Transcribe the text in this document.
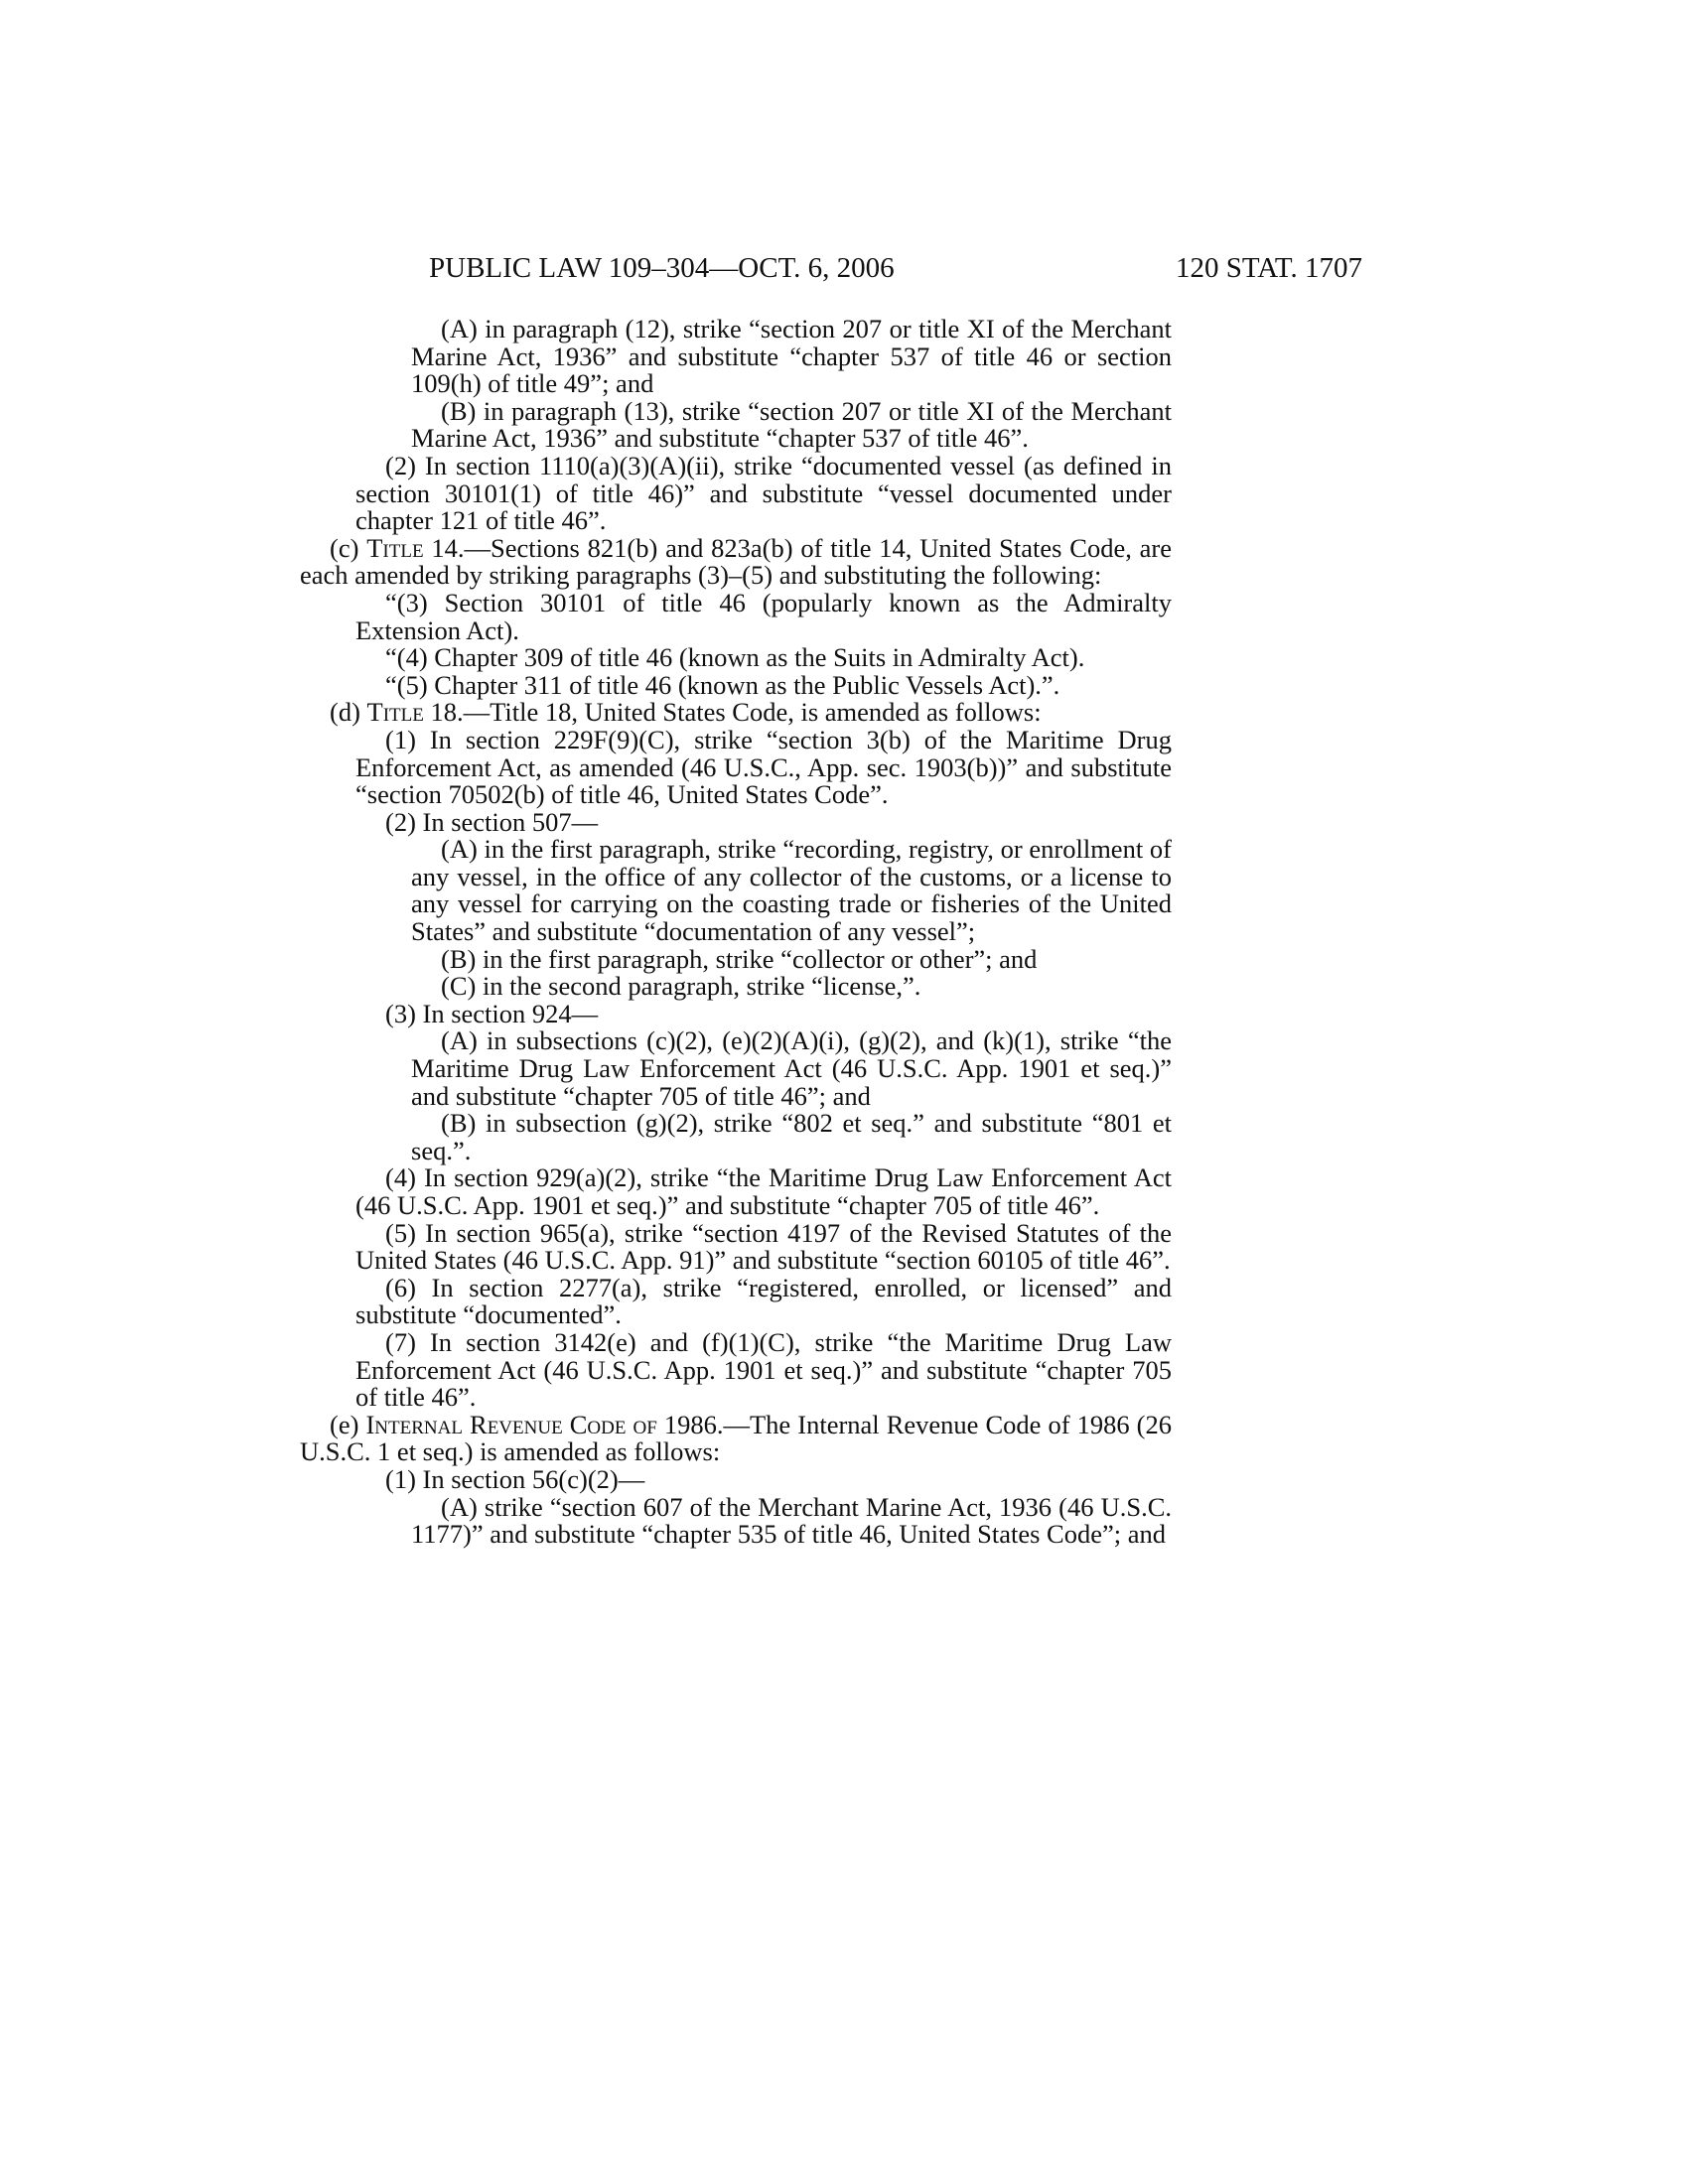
PUBLIC LAW 109–304—OCT. 6, 2006	120 STAT. 1707

(A) in paragraph (12), strike “section 207 or title XI of the Merchant Marine Act, 1936” and substitute “chapter 537 of title 46 or section 109(h) of title 49”; and

(B) in paragraph (13), strike “section 207 or title XI of the Merchant Marine Act, 1936” and substitute “chapter 537 of title 46”.

(2) In section 1110(a)(3)(A)(ii), strike “documented vessel (as defined in section 30101(1) of title 46)” and substitute “vessel documented under chapter 121 of title 46”.

(c) Title 14.—Sections 821(b) and 823a(b) of title 14, United States Code, are each amended by striking paragraphs (3)–(5) and substituting the following:

“(3) Section 30101 of title 46 (popularly known as the Admiralty Extension Act).

“(4) Chapter 309 of title 46 (known as the Suits in Admiralty Act).

“(5) Chapter 311 of title 46 (known as the Public Vessels Act).”.

(d) Title 18.—Title 18, United States Code, is amended as follows:

(1) In section 229F(9)(C), strike “section 3(b) of the Maritime Drug Enforcement Act, as amended (46 U.S.C., App. sec. 1903(b))” and substitute “section 70502(b) of title 46, United States Code”.

(2) In section 507—

(A) in the first paragraph, strike “recording, registry, or enrollment of any vessel, in the office of any collector of the customs, or a license to any vessel for carrying on the coasting trade or fisheries of the United States” and substitute “documentation of any vessel”;

(B) in the first paragraph, strike “collector or other”; and

(C) in the second paragraph, strike “license,”.

(3) In section 924—

(A) in subsections (c)(2), (e)(2)(A)(i), (g)(2), and (k)(1), strike “the Maritime Drug Law Enforcement Act (46 U.S.C. App. 1901 et seq.)” and substitute “chapter 705 of title 46”; and

(B) in subsection (g)(2), strike “802 et seq.” and substitute “801 et seq.”.

(4) In section 929(a)(2), strike “the Maritime Drug Law Enforcement Act (46 U.S.C. App. 1901 et seq.)” and substitute “chapter 705 of title 46”.

(5) In section 965(a), strike “section 4197 of the Revised Statutes of the United States (46 U.S.C. App. 91)” and substitute “section 60105 of title 46”.

(6) In section 2277(a), strike “registered, enrolled, or licensed” and substitute “documented”.

(7) In section 3142(e) and (f)(1)(C), strike “the Maritime Drug Law Enforcement Act (46 U.S.C. App. 1901 et seq.)” and substitute “chapter 705 of title 46”.

(e) Internal Revenue Code of 1986.—The Internal Revenue Code of 1986 (26 U.S.C. 1 et seq.) is amended as follows:

(1) In section 56(c)(2)—

(A) strike “section 607 of the Merchant Marine Act, 1936 (46 U.S.C. 1177)” and substitute “chapter 535 of title 46, United States Code”; and
